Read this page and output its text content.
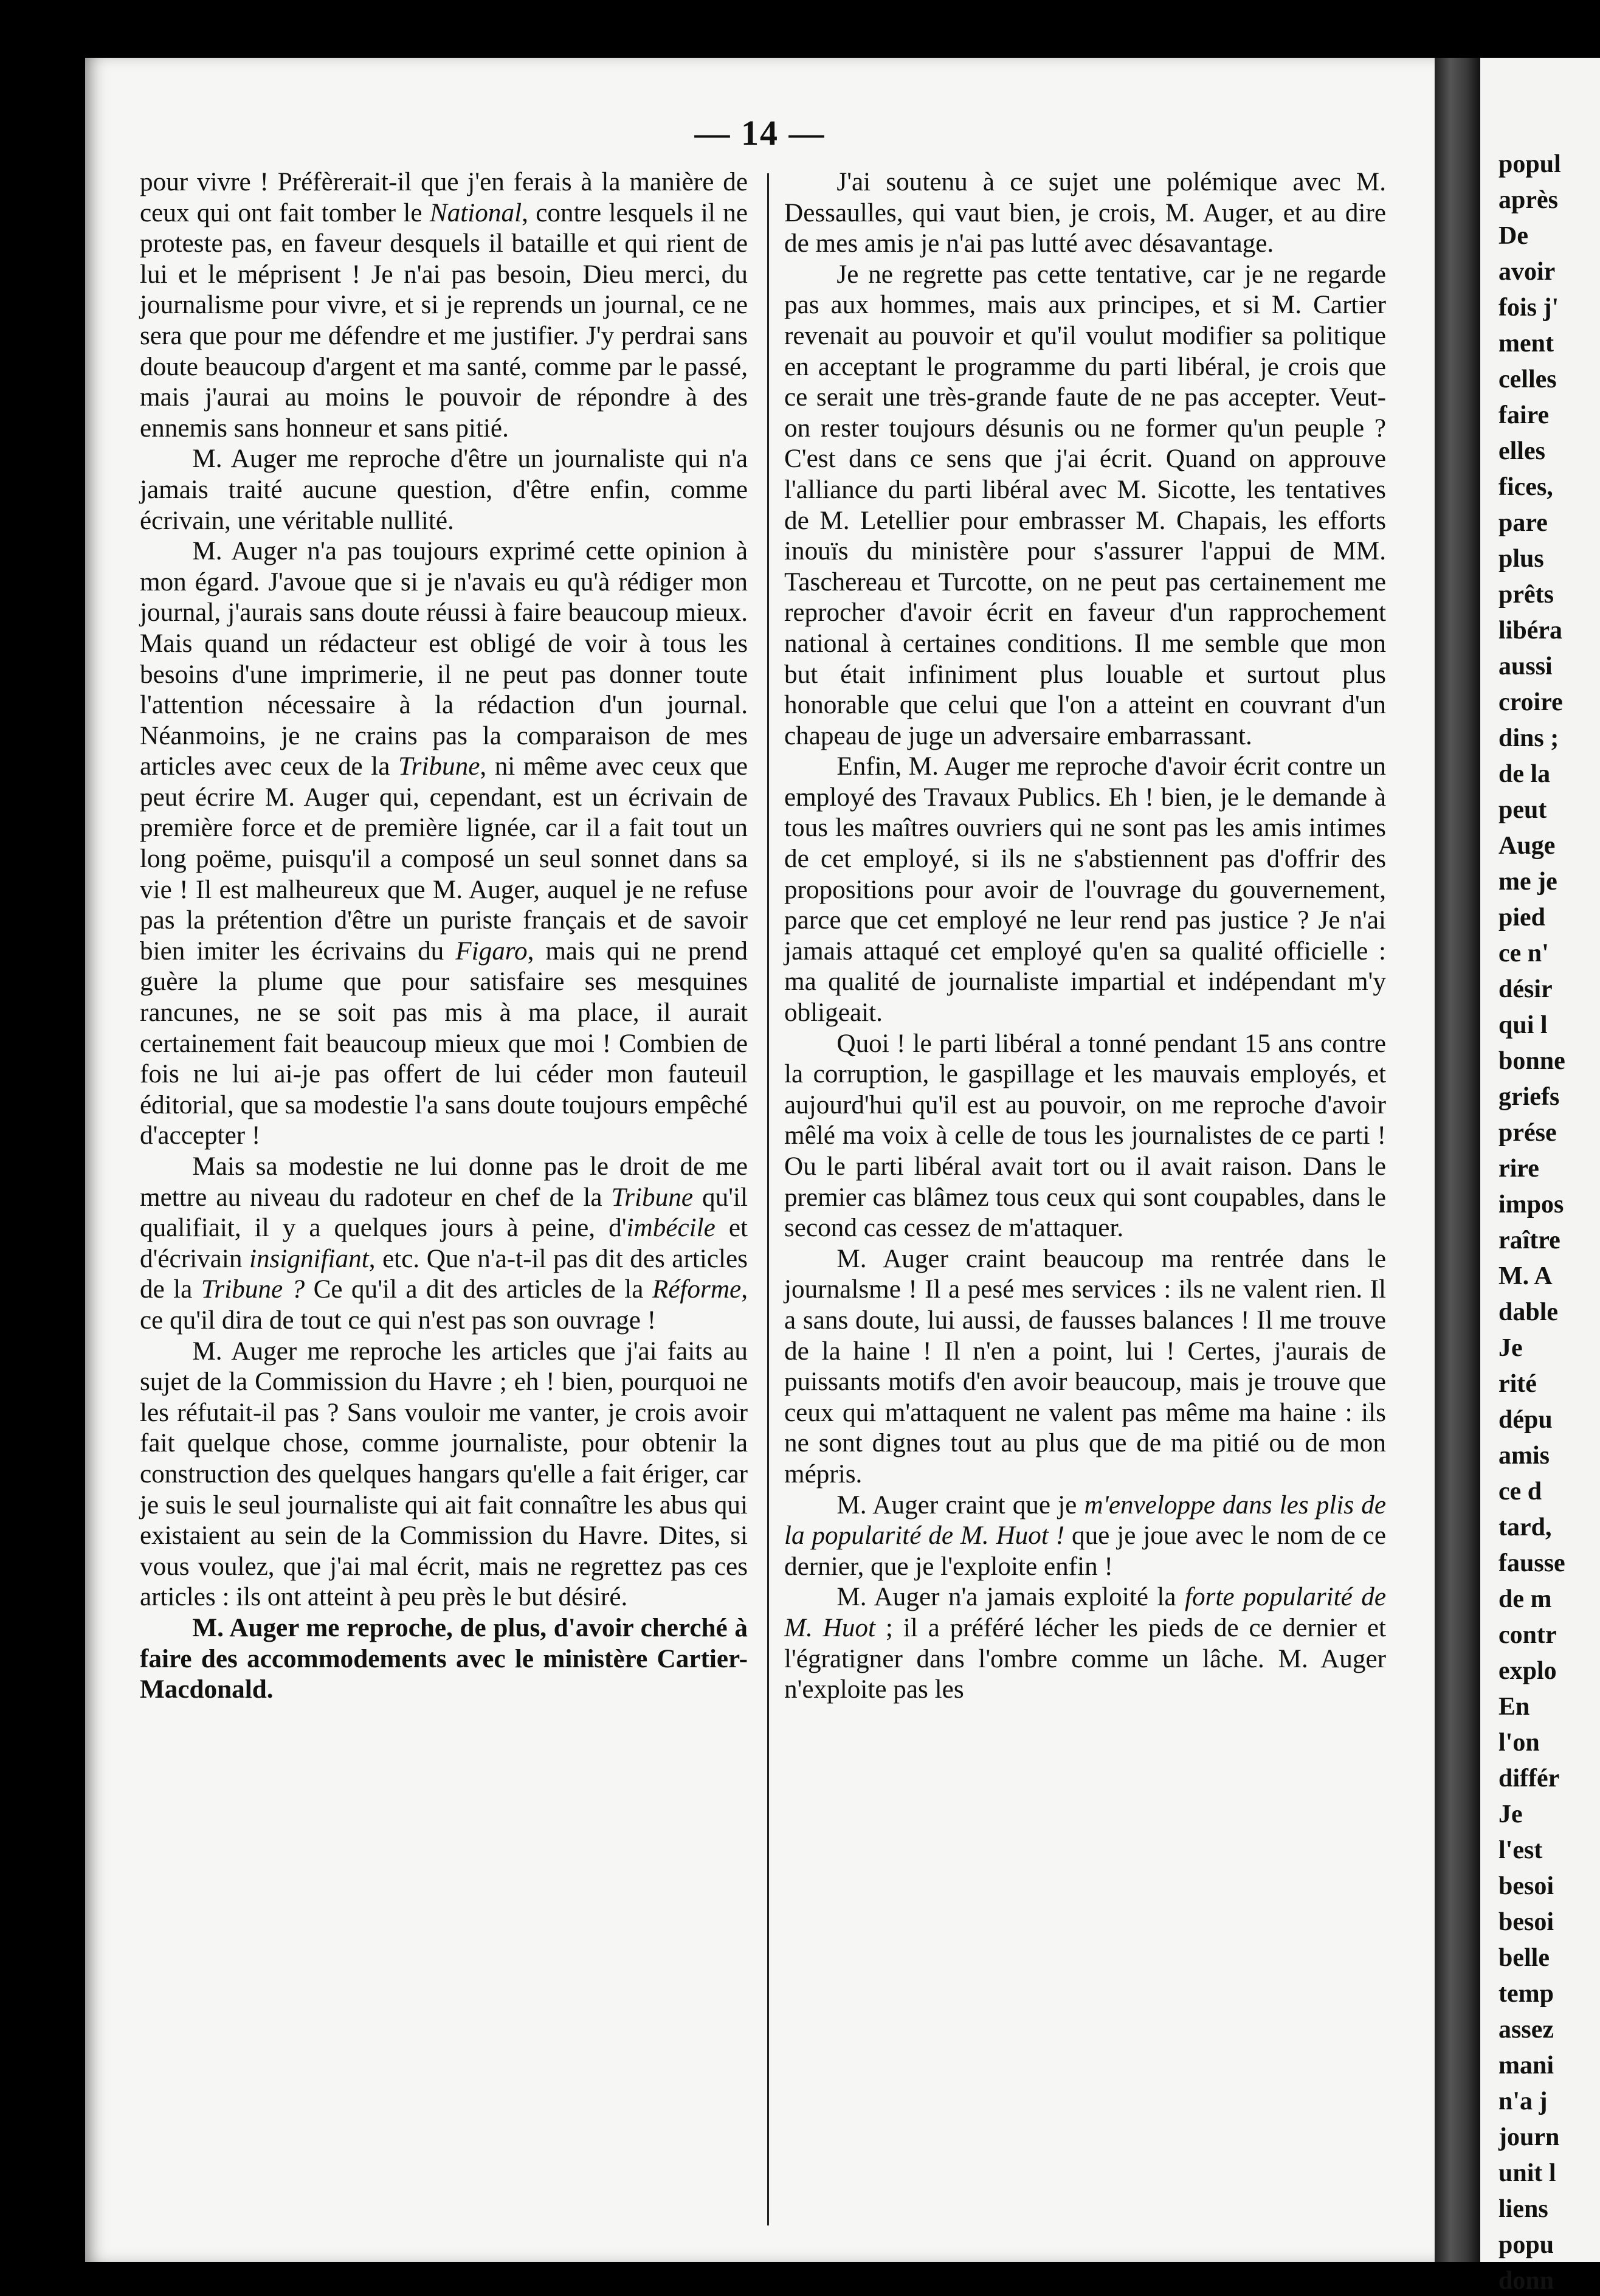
— 14 —

pour vivre ! Préfèrerait-il que j'en ferais à la manière de ceux qui ont fait tomber le National, contre lesquels il ne proteste pas, en faveur desquels il bataille et qui rient de lui et le méprisent ! Je n'ai pas besoin, Dieu merci, du journalisme pour vivre, et si je reprends un journal, ce ne sera que pour me défendre et me justifier. J'y perdrai sans doute beaucoup d'argent et ma santé, comme par le passé, mais j'aurai au moins le pouvoir de répondre à des ennemis sans honneur et sans pitié.

M. Auger me reproche d'être un journaliste qui n'a jamais traité aucune question, d'être enfin, comme écrivain, une véritable nullité.

M. Auger n'a pas toujours exprimé cette opinion à mon égard. J'avoue que si je n'avais eu qu'à rédiger mon journal, j'aurais sans doute réussi à faire beaucoup mieux. Mais quand un rédacteur est obligé de voir à tous les besoins d'une imprimerie, il ne peut pas donner toute l'attention nécessaire à la rédaction d'un journal. Néanmoins, je ne crains pas la comparaison de mes articles avec ceux de la Tribune, ni même avec ceux que peut écrire M. Auger qui, cependant, est un écrivain de première force et de première lignée, car il a fait tout un long poëme, puisqu'il a composé un seul sonnet dans sa vie ! Il est malheureux que M. Auger, auquel je ne refuse pas la prétention d'être un puriste français et de savoir bien imiter les écrivains du Figaro, mais qui ne prend guère la plume que pour satisfaire ses mesquines rancunes, ne se soit pas mis à ma place, il aurait certainement fait beaucoup mieux que moi ! Combien de fois ne lui ai-je pas offert de lui céder mon fauteuil éditorial, que sa modestie l'a sans doute toujours empêché d'accepter !

Mais sa modestie ne lui donne pas le droit de me mettre au niveau du radoteur en chef de la Tribune qu'il qualifiait, il y a quelques jours à peine, d'imbécile et d'écrivain insignifiant, etc. Que n'a-t-il pas dit des articles de la Tribune ? Ce qu'il a dit des articles de la Réforme, ce qu'il dira de tout ce qui n'est pas son ouvrage !

M. Auger me reproche les articles que j'ai faits au sujet de la Commission du Havre ; eh ! bien, pourquoi ne les réfutait-il pas ? Sans vouloir me vanter, je crois avoir fait quelque chose, comme journaliste, pour obtenir la construction des quelques hangars qu'elle a fait ériger, car je suis le seul journaliste qui ait fait connaître les abus qui existaient au sein de la Commission du Havre. Dites, si vous voulez, que j'ai mal écrit, mais ne regrettez pas ces articles : ils ont atteint à peu près le but désiré.

M. Auger me reproche, de plus, d'avoir cherché à faire des accommodements avec le ministère Cartier-Macdonald.

J'ai soutenu à ce sujet une polémique avec M. Dessaulles, qui vaut bien, je crois, M. Auger, et au dire de mes amis je n'ai pas lutté avec désavantage.

Je ne regrette pas cette tentative, car je ne regarde pas aux hommes, mais aux principes, et si M. Cartier revenait au pouvoir et qu'il voulut modifier sa politique en acceptant le programme du parti libéral, je crois que ce serait une très-grande faute de ne pas accepter. Veut-on rester toujours désunis ou ne former qu'un peuple ? C'est dans ce sens que j'ai écrit. Quand on approuve l'alliance du parti libéral avec M. Sicotte, les tentatives de M. Letellier pour embrasser M. Chapais, les efforts inouïs du ministère pour s'assurer l'appui de MM. Taschereau et Turcotte, on ne peut pas certainement me reprocher d'avoir écrit en faveur d'un rapprochement national à certaines conditions. Il me semble que mon but était infiniment plus louable et surtout plus honorable que celui que l'on a atteint en couvrant d'un chapeau de juge un adversaire embarrassant.

Enfin, M. Auger me reproche d'avoir écrit contre un employé des Travaux Publics. Eh ! bien, je le demande à tous les maîtres ouvriers qui ne sont pas les amis intimes de cet employé, si ils ne s'abstiennent pas d'offrir des propositions pour avoir de l'ouvrage du gouvernement, parce que cet employé ne leur rend pas justice ? Je n'ai jamais attaqué cet employé qu'en sa qualité officielle : ma qualité de journaliste impartial et indépendant m'y obligeait.

Quoi ! le parti libéral a tonné pendant 15 ans contre la corruption, le gaspillage et les mauvais employés, et aujourd'hui qu'il est au pouvoir, on me reproche d'avoir mêlé ma voix à celle de tous les journalistes de ce parti ! Ou le parti libéral avait tort ou il avait raison. Dans le premier cas blâmez tous ceux qui sont coupables, dans le second cas cessez de m'attaquer.

M. Auger craint beaucoup ma rentrée dans le journalsme ! Il a pesé mes services : ils ne valent rien. Il a sans doute, lui aussi, de fausses balances ! Il me trouve de la haine ! Il n'en a point, lui ! Certes, j'aurais de puissants motifs d'en avoir beaucoup, mais je trouve que ceux qui m'attaquent ne valent pas même ma haine : ils ne sont dignes tout au plus que de ma pitié ou de mon mépris.

M. Auger craint que je m'enveloppe dans les plis de la popularité de M. Huot ! que je joue avec le nom de ce dernier, que je l'exploite enfin !

M. Auger n'a jamais exploité la forte popularité de M. Huot ; il a préféré lécher les pieds de ce dernier et l'égratigner dans l'ombre comme un lâche. M. Auger n'exploite pas les

popul
après
De
avoir
fois j'
ment
celles
faire
elles
fices,
pare
plus
prêts
libéra
aussi
croire
dins ;
de la
peut
Auge
me je
pied
ce n'
désir
qui l
bonne
griefs
prése
rire
impos
raître
M. A
dable
Je
rité
dépu
amis
ce d
tard,
fausse
de m
contr
explo
En
l'on
différ
Je
l'est
besoi
besoi
belle
temp
assez
mani
n'a j
journ
unit l
liens
popu
donn
